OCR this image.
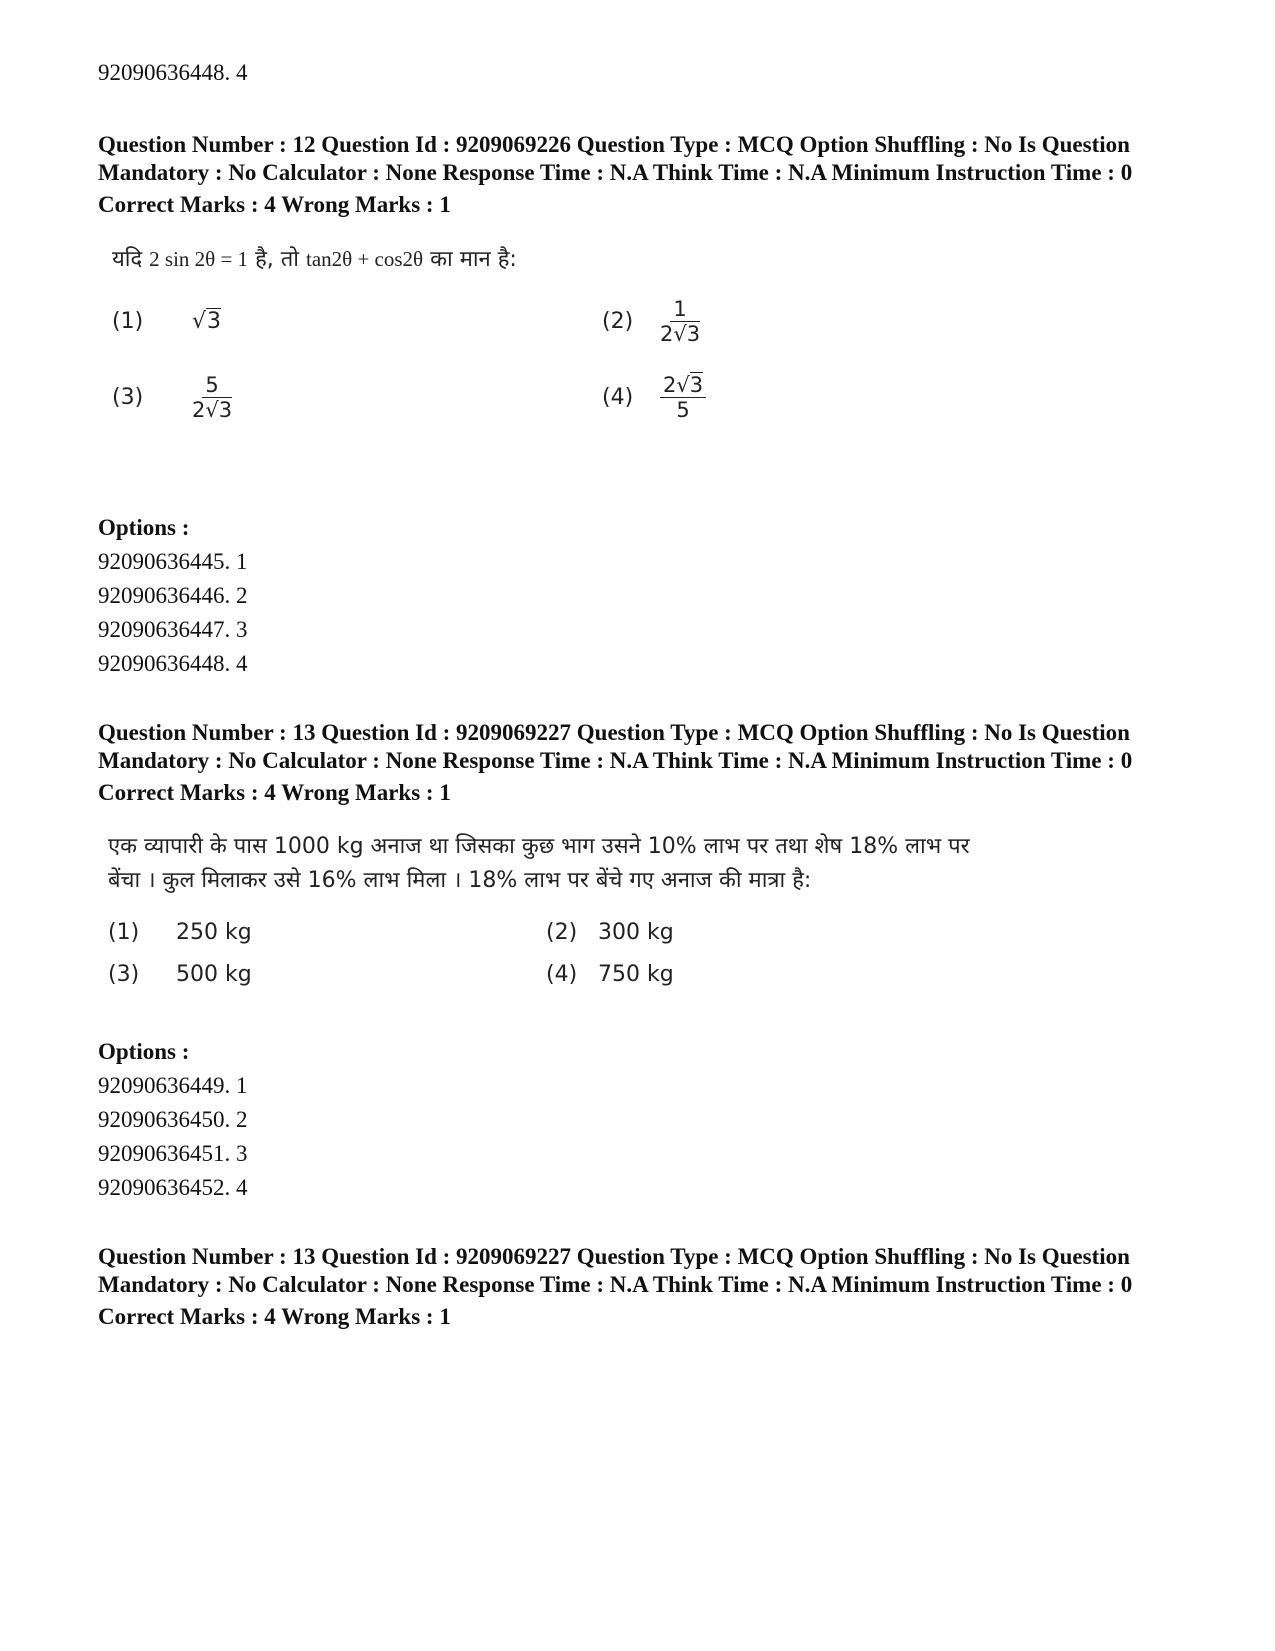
92090636448. 4

Question Number : 12 Question Id : 9209069226 Question Type : MCQ Option Shuffling : No Is Question Mandatory : No Calculator : None Response Time : N.A Think Time : N.A Minimum Instruction Time : 0

Correct Marks : 4 Wrong Marks : 1

यदि 2 sin 2θ = 1 है, तो tan2θ + cos2θ का मान है:

(1)	√3	(2)	$\frac{1}{2√3}$
(3)	$\frac{5}{2√3}$	(4)	$\frac{2√3}{5}$

Options :

92090636445. 1

92090636446. 2

92090636447. 3

92090636448. 4

Question Number : 13 Question Id : 9209069227 Question Type : MCQ Option Shuffling : No Is Question Mandatory : No Calculator : None Response Time : N.A Think Time : N.A Minimum Instruction Time : 0

Correct Marks : 4 Wrong Marks : 1

एक व्यापारी के पास 1000 kg अनाज था जिसका कुछ भाग उसने 10% लाभ पर तथा शेष 18% लाभ पर

बेंचा । कुल मिलाकर उसे 16% लाभ मिला । 18% लाभ पर बेंचे गए अनाज की मात्रा है:

(1)	250 kg	(2) 300 kg
(3)	500 kg	(4) 750 kg

Options :

92090636449. 1

92090636450. 2

92090636451. 3

92090636452. 4

Question Number : 13 Question Id : 9209069227 Question Type : MCQ Option Shuffling : No Is Question Mandatory : No Calculator : None Response Time : N.A Think Time : N.A Minimum Instruction Time : 0

Correct Marks : 4 Wrong Marks : 1
